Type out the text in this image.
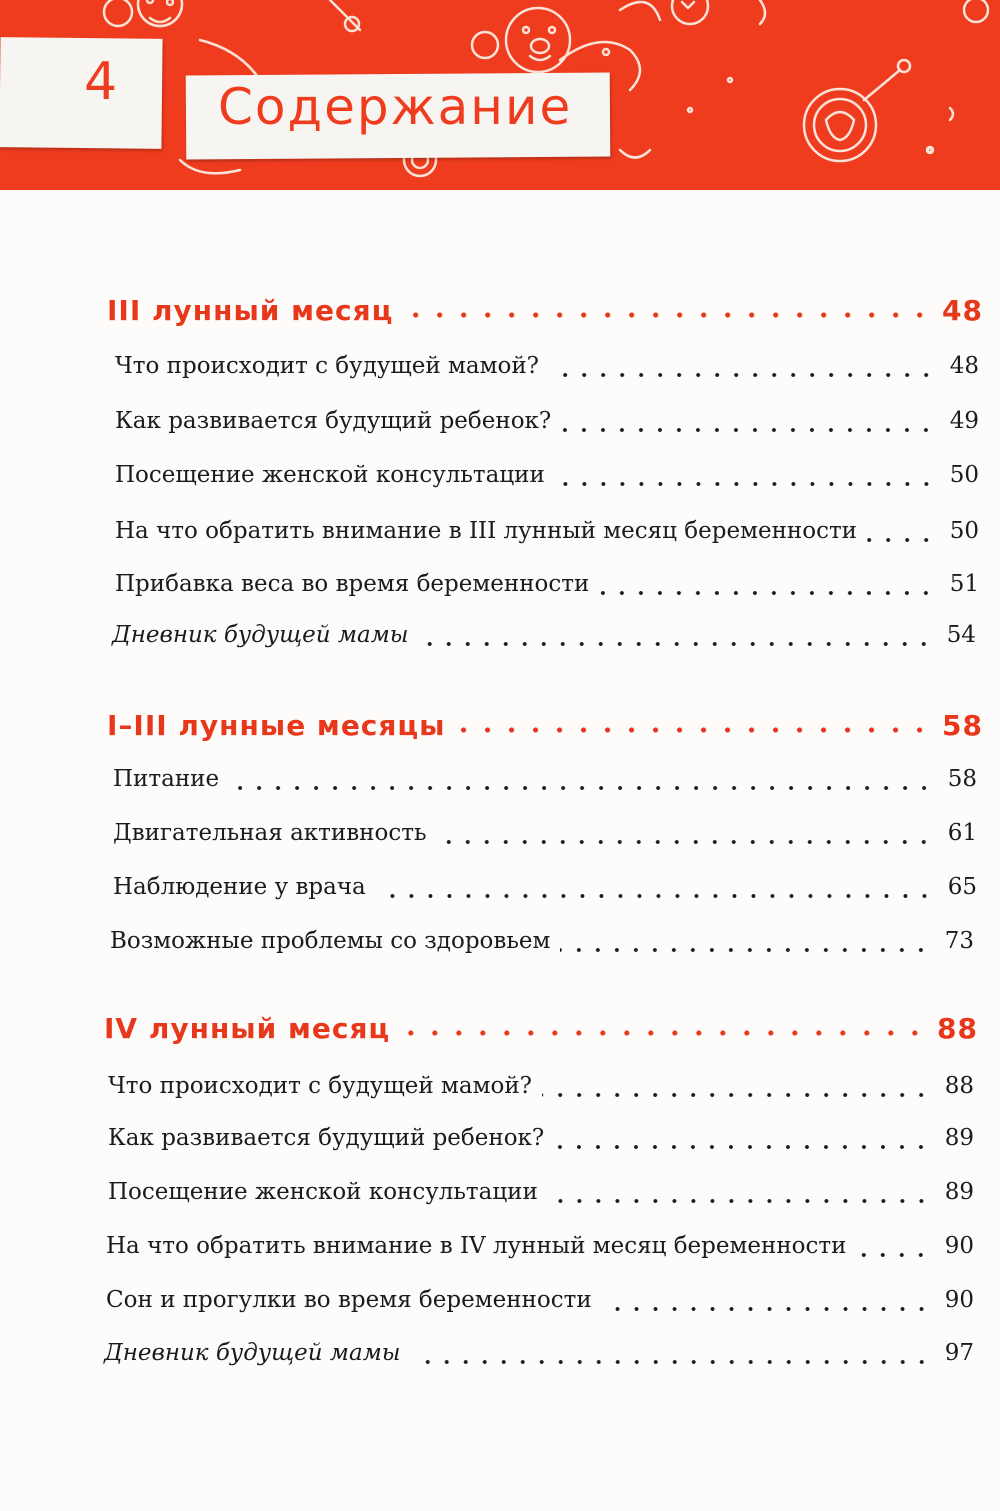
4 Содержание
III лунный месяц	48
Что происходит с будущей мамой?	48
Как развивается будущий ребенок?	49
Посещение женской консультации	50
На что обратить внимание в III лунный месяц беременности	50
Прибавка веса во время беременности	51
Дневник будущей мамы	54
I–III лунные месяцы	58
Питание	58
Двигательная активность	61
Наблюдение у врача	65
Возможные проблемы со здоровьем	73
IV лунный месяц	88
Что происходит с будущей мамой?	88
Как развивается будущий ребенок?	89
Посещение женской консультации	89
На что обратить внимание в IV лунный месяц беременности	90
Сон и прогулки во время беременности	90
Дневник будущей мамы	97
